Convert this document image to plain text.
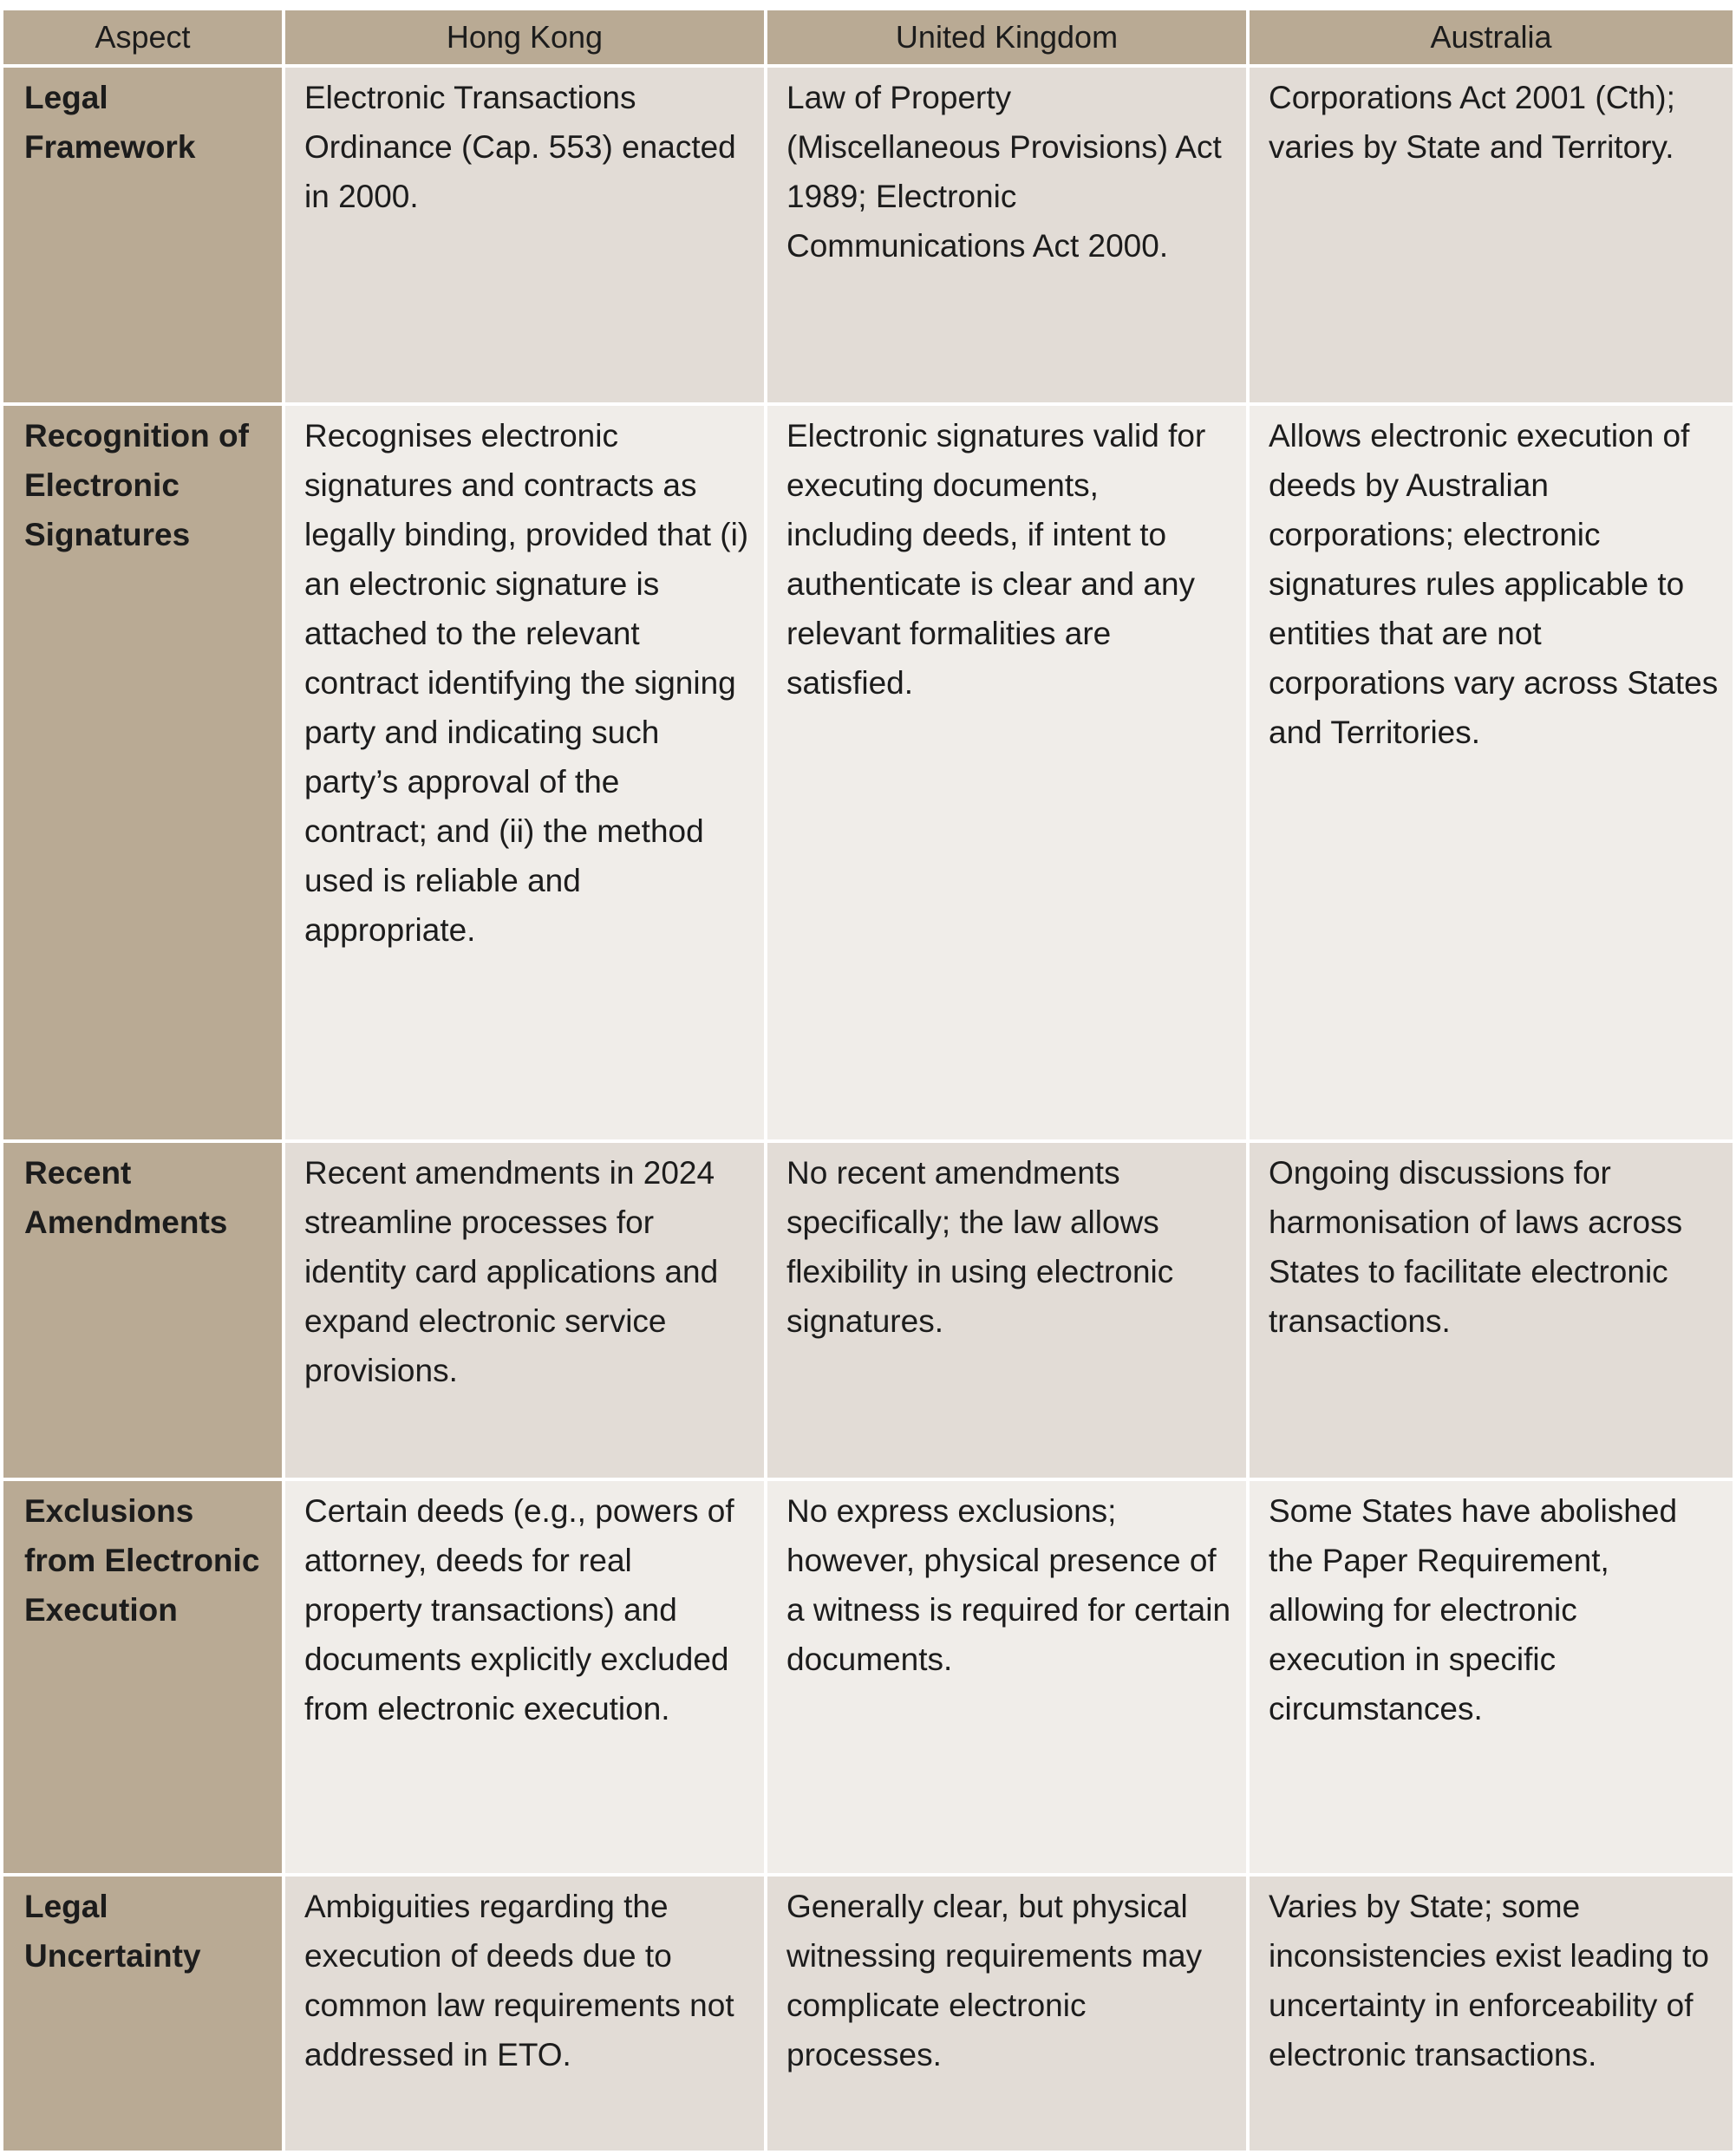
Aspect	Hong Kong	United Kingdom	Australia
Legal Framework	Electronic Transactions Ordinance (Cap. 553) enacted in 2000.	Law of Property (Miscellaneous Provisions) Act 1989; Electronic Communications Act 2000.	Corporations Act 2001 (Cth); varies by State and Territory.
Recognition of Electronic Signatures	Recognises electronic signatures and contracts as legally binding, provided that (i) an electronic signature is attached to the relevant contract identifying the signing party and indicating such party’s approval of the contract; and (ii) the method used is reliable and appropriate.	Electronic signatures valid for executing documents, including deeds, if intent to authenticate is clear and any relevant formalities are satisfied.	Allows electronic execution of deeds by Australian corporations; electronic signatures rules applicable to entities that are not corporations vary across States and Territories.
Recent Amendments	Recent amendments in 2024 streamline processes for identity card applications and expand electronic service provisions.	No recent amendments specifically; the law allows flexibility in using electronic signatures.	Ongoing discussions for harmonisation of laws across States to facilitate electronic transactions.
Exclusions from Electronic Execution	Certain deeds (e.g., powers of attorney, deeds for real property transactions) and documents explicitly excluded from electronic execution.	No express exclusions; however, physical presence of a witness is required for certain documents.	Some States have abolished the Paper Requirement, allowing for electronic execution in specific circumstances.
Legal Uncertainty	Ambiguities regarding the execution of deeds due to common law requirements not addressed in ETO.	Generally clear, but physical witnessing requirements may complicate electronic processes.	Varies by State; some inconsistencies exist leading to uncertainty in enforceability of electronic transactions.
